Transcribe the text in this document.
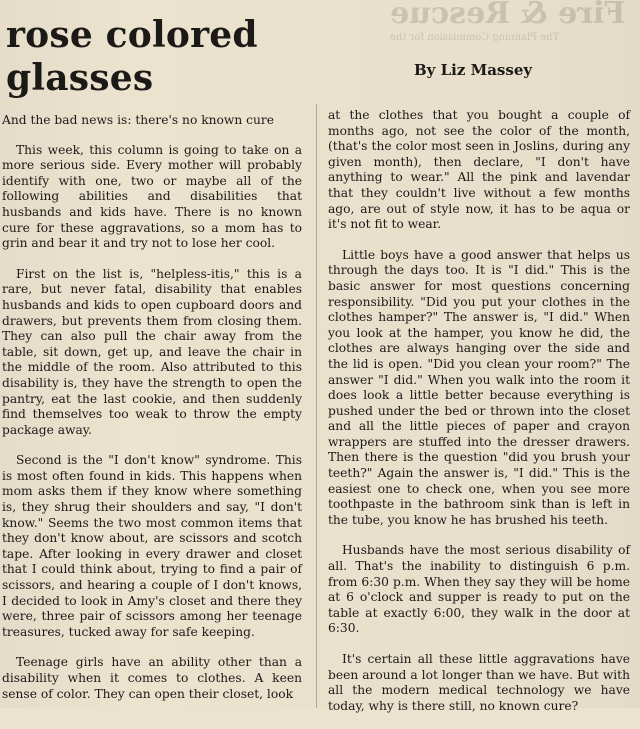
Fire & Rescue
The Planning Commission for the
rose colored
glasses	By Liz Massey

And the bad news is: there's no known cure

This week, this column is going to take on a more serious side. Every mother will probably identify with one, two or maybe all of the following abilities and disabilities that husbands and kids have. There is no known cure for these aggravations, so a mom has to grin and bear it and try not to lose her cool.

First on the list is, "helpless-itis," this is a rare, but never fatal, disability that enables husbands and kids to open cupboard doors and drawers, but prevents them from closing them. They can also pull the chair away from the table, sit down, get up, and leave the chair in the middle of the room. Also attributed to this disability is, they have the strength to open the pantry, eat the last cookie, and then suddenly find themselves too weak to throw the empty package away.

Second is the "I don't know" syndrome. This is most often found in kids. This happens when mom asks them if they know where something is, they shrug their shoulders and say, "I don't know." Seems the two most common items that they don't know about, are scissors and scotch tape. After looking in every drawer and closet that I could think about, trying to find a pair of scissors, and hearing a couple of I don't knows, I decided to look in Amy's closet and there they were, three pair of scissors among her teenage treasures, tucked away for safe keeping.

Teenage girls have an ability other than a disability when it comes to clothes. A keen sense of color. They can open their closet, look

at the clothes that you bought a couple of months ago, not see the color of the month, (that's the color most seen in Joslins, during any given month), then declare, "I don't have anything to wear." All the pink and lavendar that they couldn't live without a few months ago, are out of style now, it has to be aqua or it's not fit to wear.

Little boys have a good answer that helps us through the days too. It is "I did." This is the basic answer for most questions concerning responsibility. "Did you put your clothes in the clothes hamper?" The answer is, "I did." When you look at the hamper, you know he did, the clothes are always hanging over the side and the lid is open. "Did you clean your room?" The answer "I did." When you walk into the room it does look a little better because everything is pushed under the bed or thrown into the closet and all the little pieces of paper and crayon wrappers are stuffed into the dresser drawers. Then there is the question "did you brush your teeth?" Again the answer is, "I did." This is the easiest one to check one, when you see more toothpaste in the bathroom sink than is left in the tube, you know he has brushed his teeth.

Husbands have the most serious disability of all. That's the inability to distinguish 6 p.m. from 6:30 p.m. When they say they will be home at 6 o'clock and supper is ready to put on the table at exactly 6:00, they walk in the door at 6:30.

It's certain all these little aggravations have been around a lot longer than we have. But with all the modern medical technology we have today, why is there still, no known cure?
